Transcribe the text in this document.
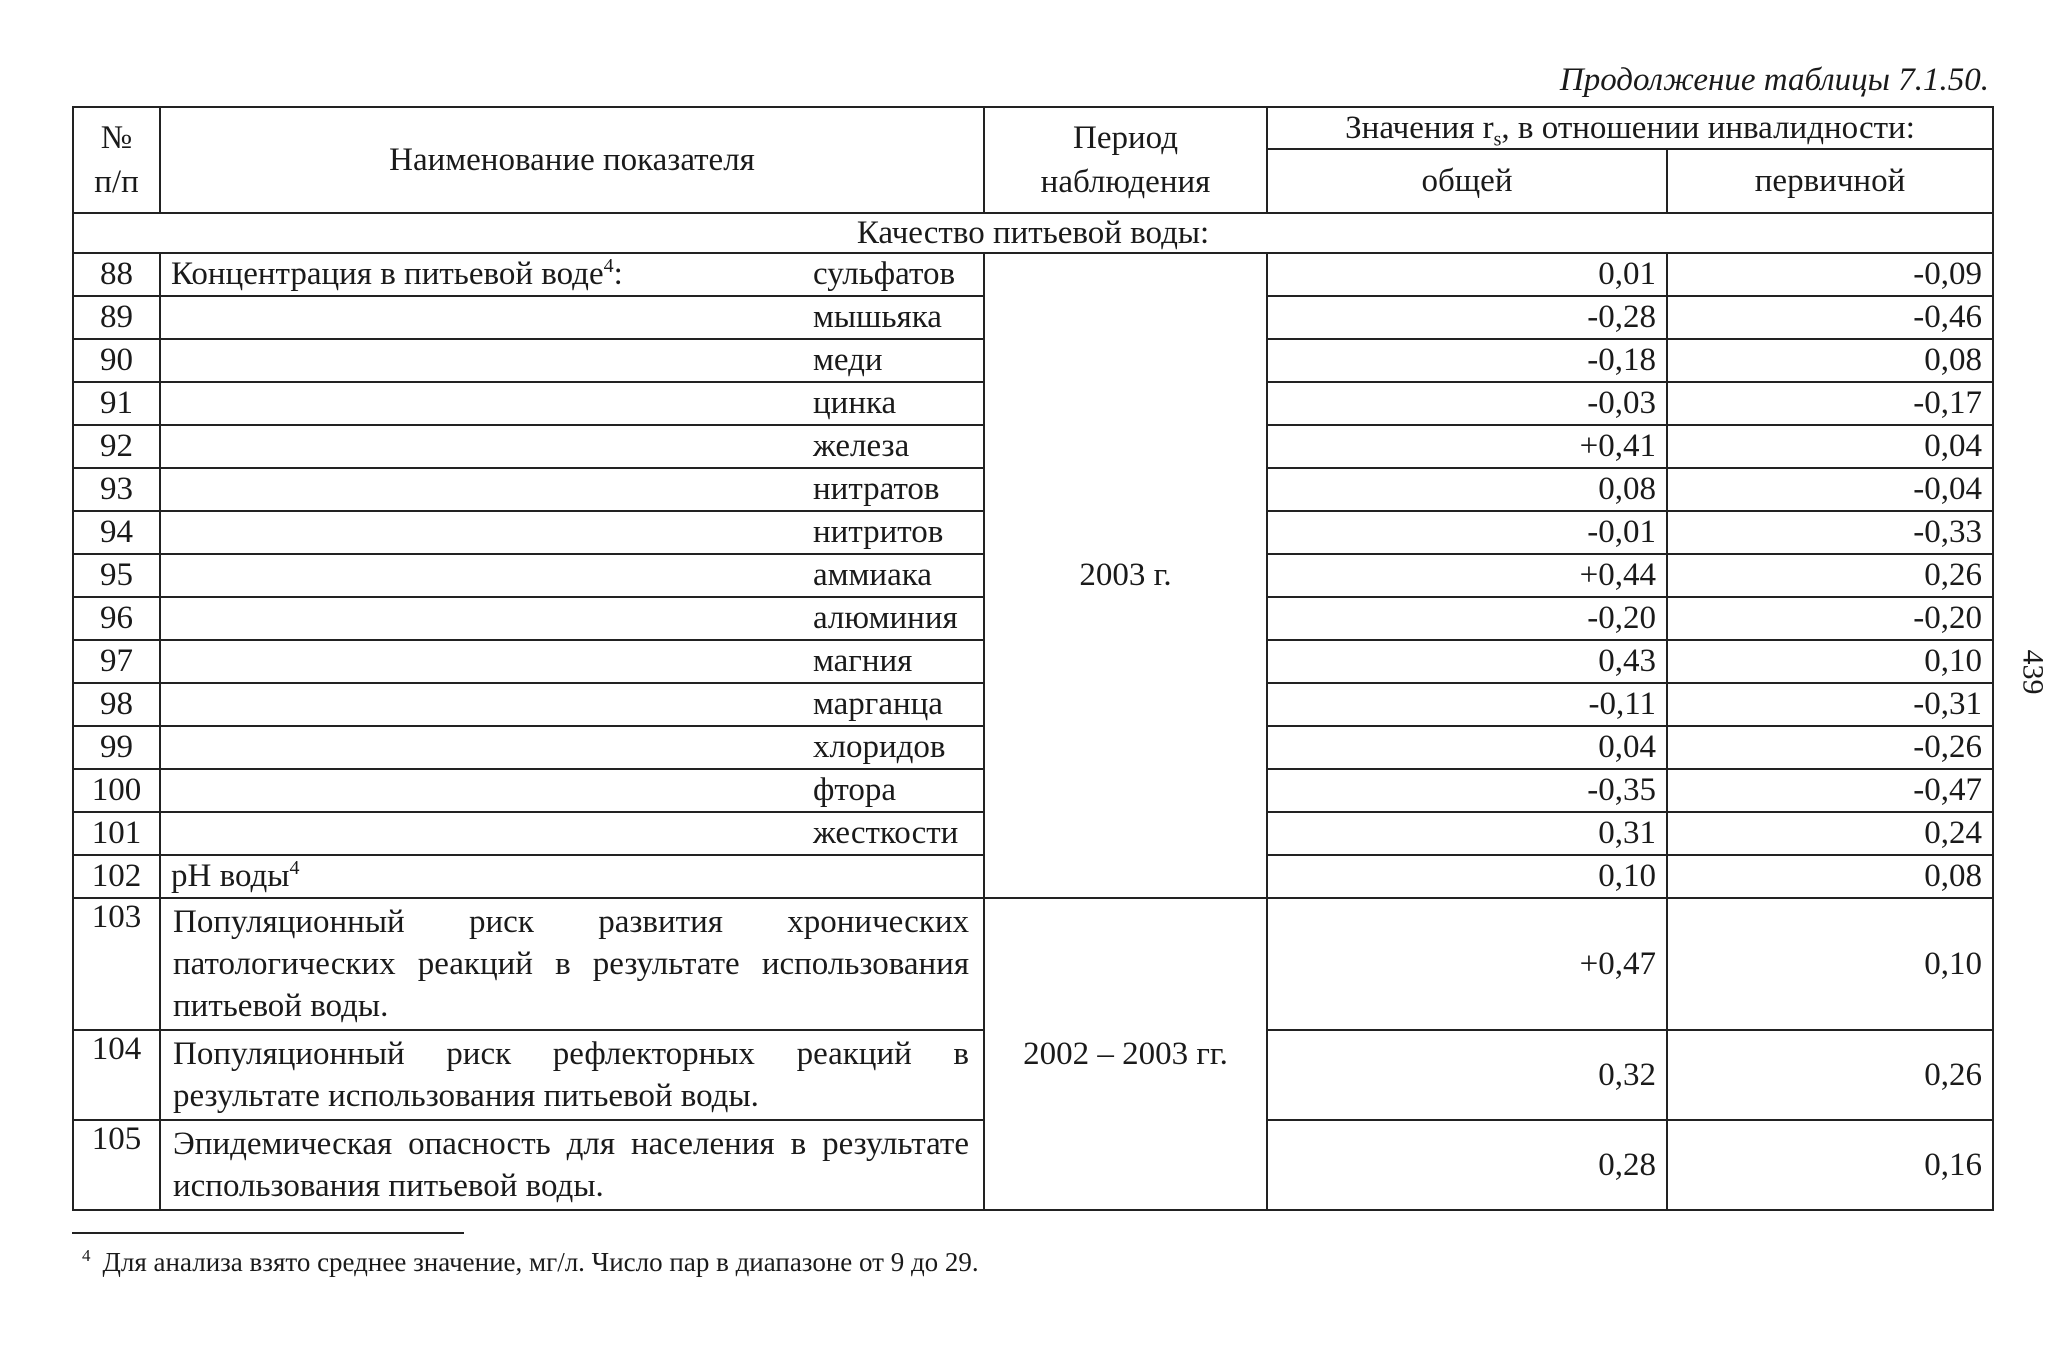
Продолжение таблицы 7.1.50.
№ п/п	Наименование показателя	Период наблюдения	Значения $r_s$, в отношении инвалидности:	
			общей	первичной
Качество питьевой воды:				
88	Концентрация в питьевой воде$^4$: сульфатов	2003 г.	0,01	-0,09
89	мышьяка		-0,28	-0,46
90	меди		-0,18	0,08
91	цинка		-0,03	-0,17
92	железа		+0,41	0,04
93	нитратов		0,08	-0,04
94	нитритов		-0,01	-0,33
95	аммиака		+0,44	0,26
96	алюминия		-0,20	-0,20
97	магния		0,43	0,10
98	марганца		-0,11	-0,31
99	хлоридов		0,04	-0,26
100	фтора		-0,35	-0,47
101	жесткости		0,31	0,24
102	pH воды$^4$		0,10	0,08
103	Популяционный риск развития хронических патологических реакций в результате использования питьевой воды.	2002 – 2003 гг.	+0,47	0,10
104	Популяционный риск рефлекторных реакций в результате использования питьевой воды.		0,32	0,26
105	Эпидемическая опасность для населения в результате использования питьевой воды.		0,28	0,16
$^4$ Для анализа взято среднее значение, мг/л. Число пар в диапазоне от 9 до 29.
439
